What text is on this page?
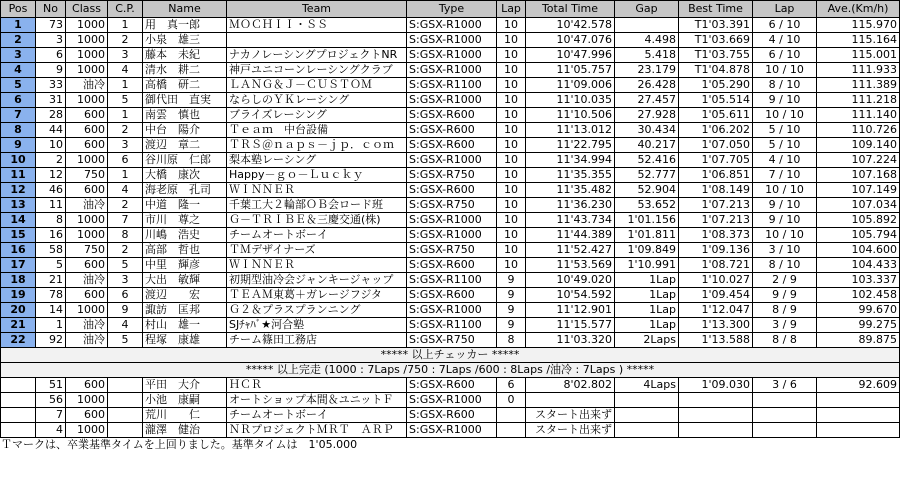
Pos	No	Class	C.P.	Name	Team	Type	Lap	Total Time	Gap	Best Time	Lap	Ave.(Km/h)
1	73	1000	1	用　真一郎	ＭＯＣＨＩＩ・ＳＳ	S:GSX-R1000	10	10'42.578		T1'03.391	6 / 10	115.970
2	3	1000	2	小泉　雄三		S:GSX-R1000	10	10'47.076	4.498	T1'03.669	4 / 10	115.164
3	6	1000	3	藤本　未紀	ナカノレーシングプロジェクトNR	S:GSX-R1000	10	10'47.996	5.418	T1'03.755	6 / 10	115.001
4	9	1000	4	清水　耕二	神戸ユニコーンレーシングクラブ	S:GSX-R1000	10	11'05.757	23.179	T1'04.878	10 / 10	111.933
5	33	油冷	1	高橋　研二	ＬＡＮＧ＆Ｊ－ＣＵＳＴＯＭ	S:GSX-R1100	10	11'09.006	26.428	1'05.290	8 / 10	111.389
6	31	1000	5	御代田　直実	ならしのＹＫレーシング	S:GSX-R1000	10	11'10.035	27.457	1'05.514	9 / 10	111.218
7	28	600	1	南雲　慎也	ブライズレーシング	S:GSX-R600	10	11'10.506	27.928	1'05.611	10 / 10	111.140
8	44	600	2	中台　陽介	Ｔｅａｍ　中台設備	S:GSX-R600	10	11'13.012	30.434	1'06.202	5 / 10	110.726
9	10	600	3	渡辺　章二	ＴＲＳ＠ｎａｐｓ－ｊｐ．ｃｏｍ	S:GSX-R600	10	11'22.795	40.217	1'07.050	5 / 10	109.140
10	2	1000	6	谷川原　仁郎	梨本塾レーシング	S:GSX-R1000	10	11'34.994	52.416	1'07.705	4 / 10	107.224
11	12	750	1	大橋　康次	Happy－ｇｏ－Ｌｕｃｋｙ	S:GSX-R750	10	11'35.355	52.777	1'06.851	7 / 10	107.168
12	46	600	4	海老原　孔司	ＷＩＮＮＥＲ	S:GSX-R600	10	11'35.482	52.904	1'08.149	10 / 10	107.149
13	11	油冷	2	中道　隆一	千葉工大２輪部ＯＢ会ロード班	S:GSX-R750	10	11'36.230	53.652	1'07.213	9 / 10	107.034
14	8	1000	7	市川　尊之	Ｇ－ＴＲＩＢＥ＆三慶交通(株)	S:GSX-R1000	10	11'43.734	1'01.156	1'07.213	9 / 10	105.892
15	16	1000	8	川嶋　浩史	チームオートボーイ	S:GSX-R1000	10	11'44.389	1'01.811	1'08.373	10 / 10	105.794
16	58	750	2	高部　哲也	ＴＭデザイナーズ	S:GSX-R750	10	11'52.427	1'09.849	1'09.136	3 / 10	104.600
17	5	600	5	中里　輝彦	ＷＩＮＮＥＲ	S:GSX-R600	10	11'53.569	1'10.991	1'08.721	8 / 10	104.433
18	21	油冷	3	大出　敏輝	初期型油冷会ジャンキージャップ	S:GSX-R1100	9	10'49.020	1Lap	1'10.027	2 / 9	103.337
19	78	600	6	渡辺　　宏	ＴＥＡＭ東葛＋ガレージフジタ	S:GSX-R600	9	10'54.592	1Lap	1'09.454	9 / 9	102.458
20	14	1000	9	諏訪　匡邦	Ｇ２＆プラスプランニング	S:GSX-R1000	9	11'12.901	1Lap	1'12.047	8 / 9	99.670
21	1	油冷	4	村山　雄一	SJﾁｬﾊﾞ★河合塾	S:GSX-R1100	9	11'15.577	1Lap	1'13.300	3 / 9	99.275
22	92	油冷	5	程塚　康雄	チーム篠田工務店	S:GSX-R750	8	11'03.320	2Laps	1'13.588	8 / 8	89.875
***** 以上チェッカー *****												
***** 以上完走 (1000 : 7Laps /750 : 7Laps /600 : 8Laps /油冷 : 7Laps ) *****												
	51	600		平田　大介	ＨＣＲ	S:GSX-R600	6	8'02.802	4Laps	1'09.030	3 / 6	92.609
	56	1000		小池　康嗣	オートショップ本間＆ユニットＦ	S:GSX-R1000	0					
	7	600		荒川　　仁	チームオートボーイ	S:GSX-R600		スタート出来ず				
	4	1000		瀧澤　健治	ＮＲプロジェクトＭＲＴ　ＡＲＰ	S:GSX-R1000		スタート出来ず				
Ｔマークは、卒業基準タイムを上回りました。基準タイムは　1'05.000
